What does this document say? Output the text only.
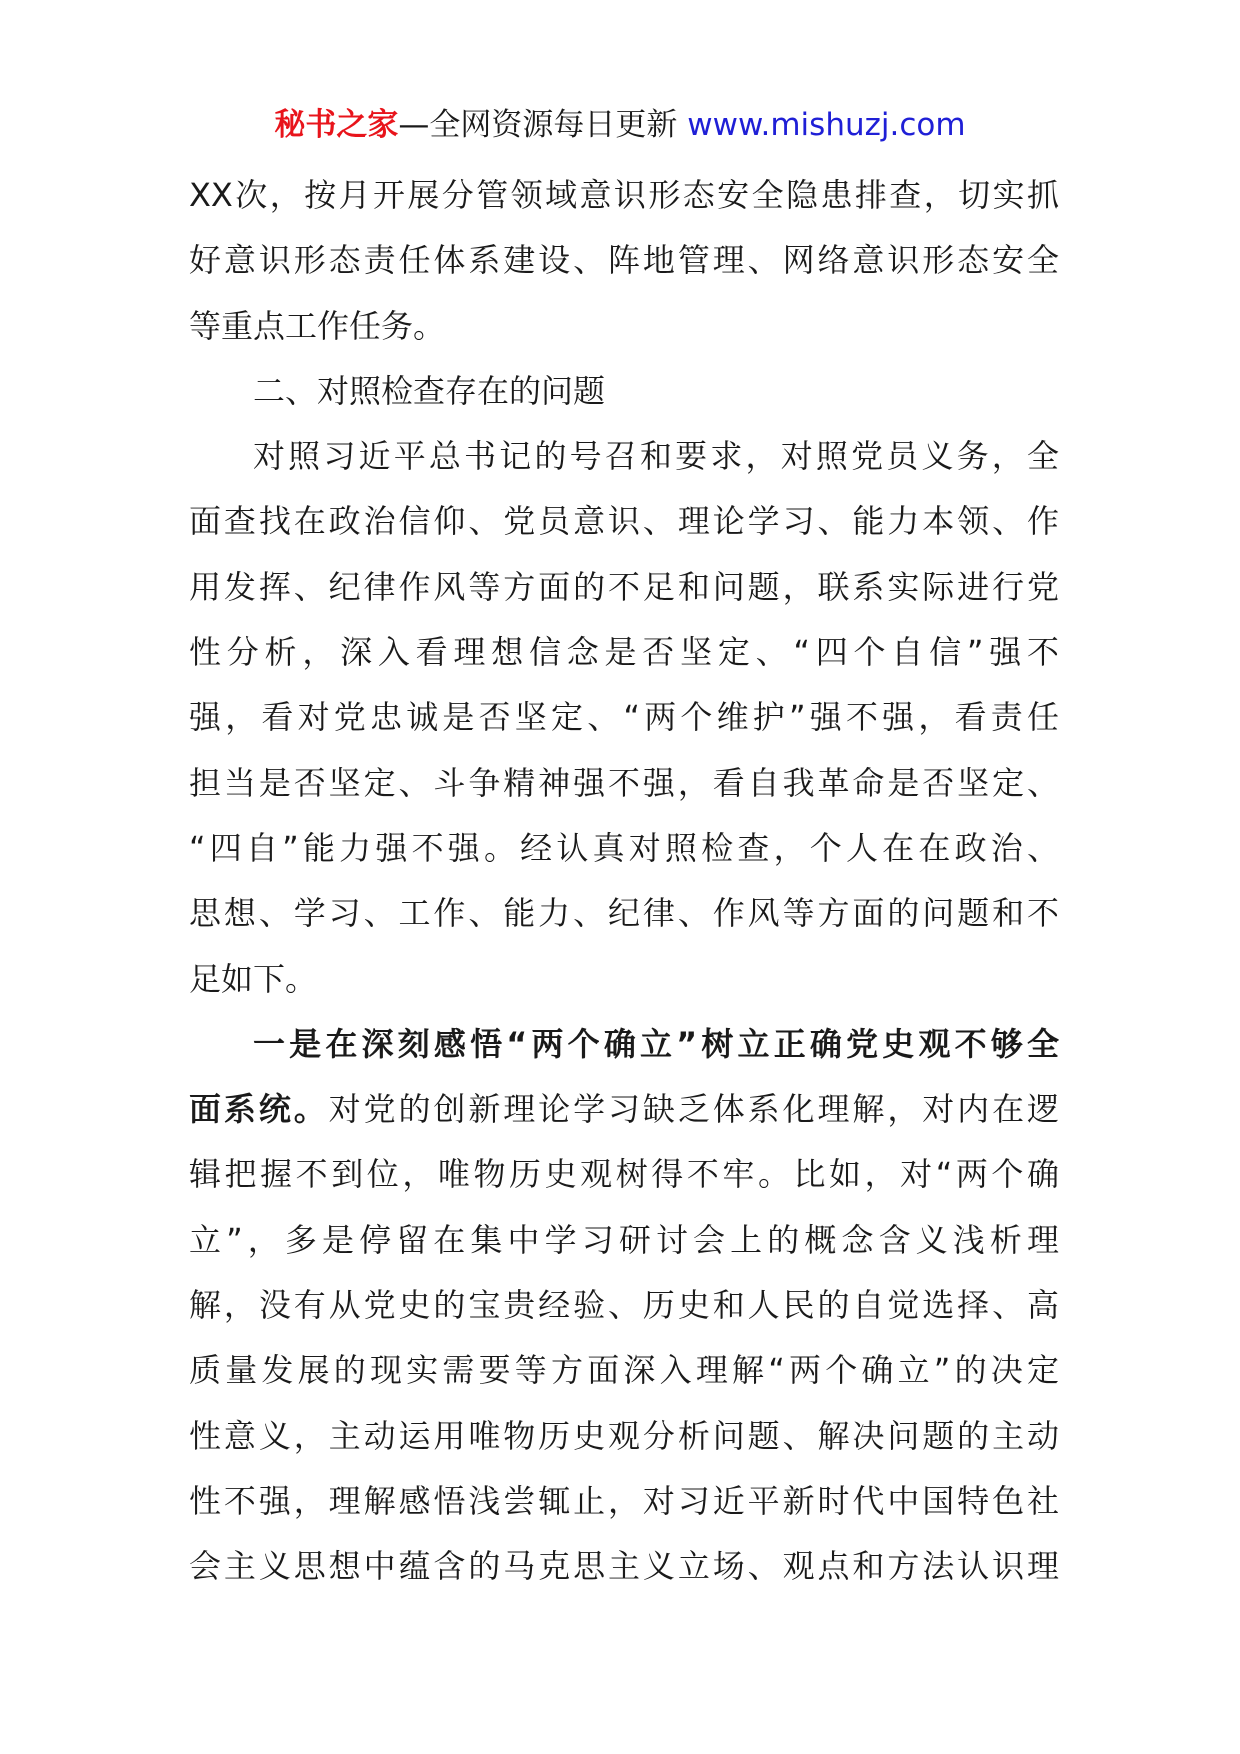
秘书之家—全网资源每日更新 www.mishuzj.com
XX次，按月开展分管领域意识形态安全隐患排查，切实抓
好意识形态责任体系建设、阵地管理、网络意识形态安全
等重点工作任务。
二、对照检查存在的问题
对照习近平总书记的号召和要求，对照党员义务，全
面查找在政治信仰、党员意识、理论学习、能力本领、作
用发挥、纪律作风等方面的不足和问题，联系实际进行党
性分析，深入看理想信念是否坚定、“四个自信”强不
强，看对党忠诚是否坚定、“两个维护”强不强，看责任
担当是否坚定、斗争精神强不强，看自我革命是否坚定、
“四自”能力强不强。经认真对照检查，个人在在政治、
思想、学习、工作、能力、纪律、作风等方面的问题和不
足如下。
一是在深刻感悟“两个确立”树立正确党史观不够全
面系统。对党的创新理论学习缺乏体系化理解，对内在逻
辑把握不到位，唯物历史观树得不牢。比如，对“两个确
立”，多是停留在集中学习研讨会上的概念含义浅析理
解，没有从党史的宝贵经验、历史和人民的自觉选择、高
质量发展的现实需要等方面深入理解“两个确立”的决定
性意义，主动运用唯物历史观分析问题、解决问题的主动
性不强，理解感悟浅尝辄止，对习近平新时代中国特色社
会主义思想中蕴含的马克思主义立场、观点和方法认识理
